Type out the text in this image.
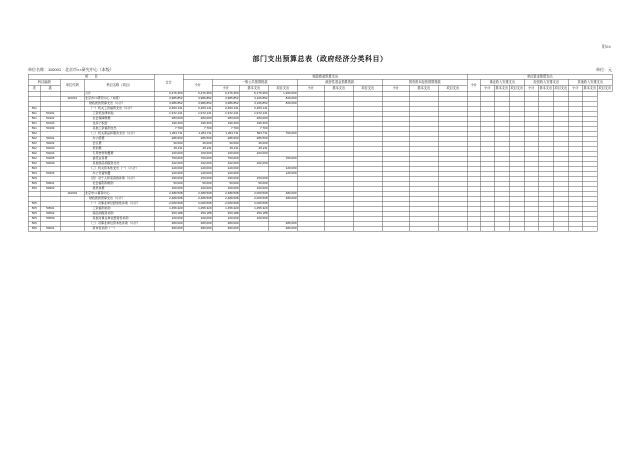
附04
部门支出预算总表（政府经济分类科目）
单位名称：110001　北京市××研究中心（本级）	单位：元
项　　目				合计	财政拨款预算支出										单位资金预算支出									
科目编码		单位代码	科目名称（项目）		小计	一般公共预算拨款			政府性基金预算拨款			国有资本经营预算拨款			小计	事业收入安排支出			经营收入安排支出			其他收入安排支出		
类	款					小计	基本支出	项目支出	小计	基本支出	项目支出	小计	基本支出	项目支出		小计	基本支出	项目支出	小计	基本支出	项目支出	小计	基本支出	项目支出
			合计	6,476,360	6,476,360	6,476,360	5,176,360	1,300,000																
		110001	北京市××研究中心（本级）	3,986,852	3,986,852	3,986,852	3,166,852	820,000																
			财政拨款预算支出（小计）	3,986,852	3,986,852	3,986,852	3,166,852	820,000																
501			（一）机关工资福利支出（小计）	2,453,141	2,453,141	2,453,141	2,453,141																	
501	50101		工资奖金津补贴	1,972,141	1,972,141	1,972,141	1,972,141																	
501	50102		社会保障缴费	283,000	283,000	283,000	283,000																	
501	50103		住房公积金	190,300	190,300	190,300	190,300																	
501	50199		其他工资福利支出	7,700	7,700	7,700	7,700																	
502			（二）机关商品和服务支出（小计）	1,263,711	1,263,711	1,263,711	563,711	700,000																
502	50201		办公经费	286,500	286,500	286,500	286,500																	
502	50202		会议费	30,000	30,000	30,000	30,000																	
502	50203		培训费	45,211	45,211	45,211	45,211																	
502	50204		专用材料购置费	100,000	100,000	100,000	100,000																	
502	50205		委托业务费	700,000	700,000	700,000		700,000																
502	50299		其他商品和服务支出	102,000	102,000	102,000	102,000																	
503			（三）机关资本性支出（一）（小计）	120,000	120,000	120,000		120,000																
503	50306		办公设备购置	120,000	120,000	120,000		120,000																
509			（四）对个人和家庭的补助（小计）	150,000	150,000	150,000	150,000																	
509	50901		社会福利和救助	50,000	50,000	50,000	50,000																	
509	50902		离退休费	100,000	100,000	100,000	100,000																	
		110002	北京市××事务中心	2,489,508	2,489,508	2,489,508	2,009,508	480,000																
			财政拨款预算支出（小计）	2,489,508	2,489,508	2,489,508	2,009,508	480,000																
505			（一）对事业单位经常性补助（小计）	2,009,508	2,009,508	2,009,508	2,009,508																	
505	50501		工资福利补助	1,456,320	1,456,320	1,456,320	1,456,320																	
505	50502		商品和服务补助	453,188	453,188	453,188	453,188																	
505	50599		其他对事业单位经常性补助	100,000	100,000	100,000	100,000																	
506			（二）对事业单位资本性补助（小计）	480,000	480,000	480,000		480,000																
506	50601		资本性补助（一）	480,000	480,000	480,000		480,000																
